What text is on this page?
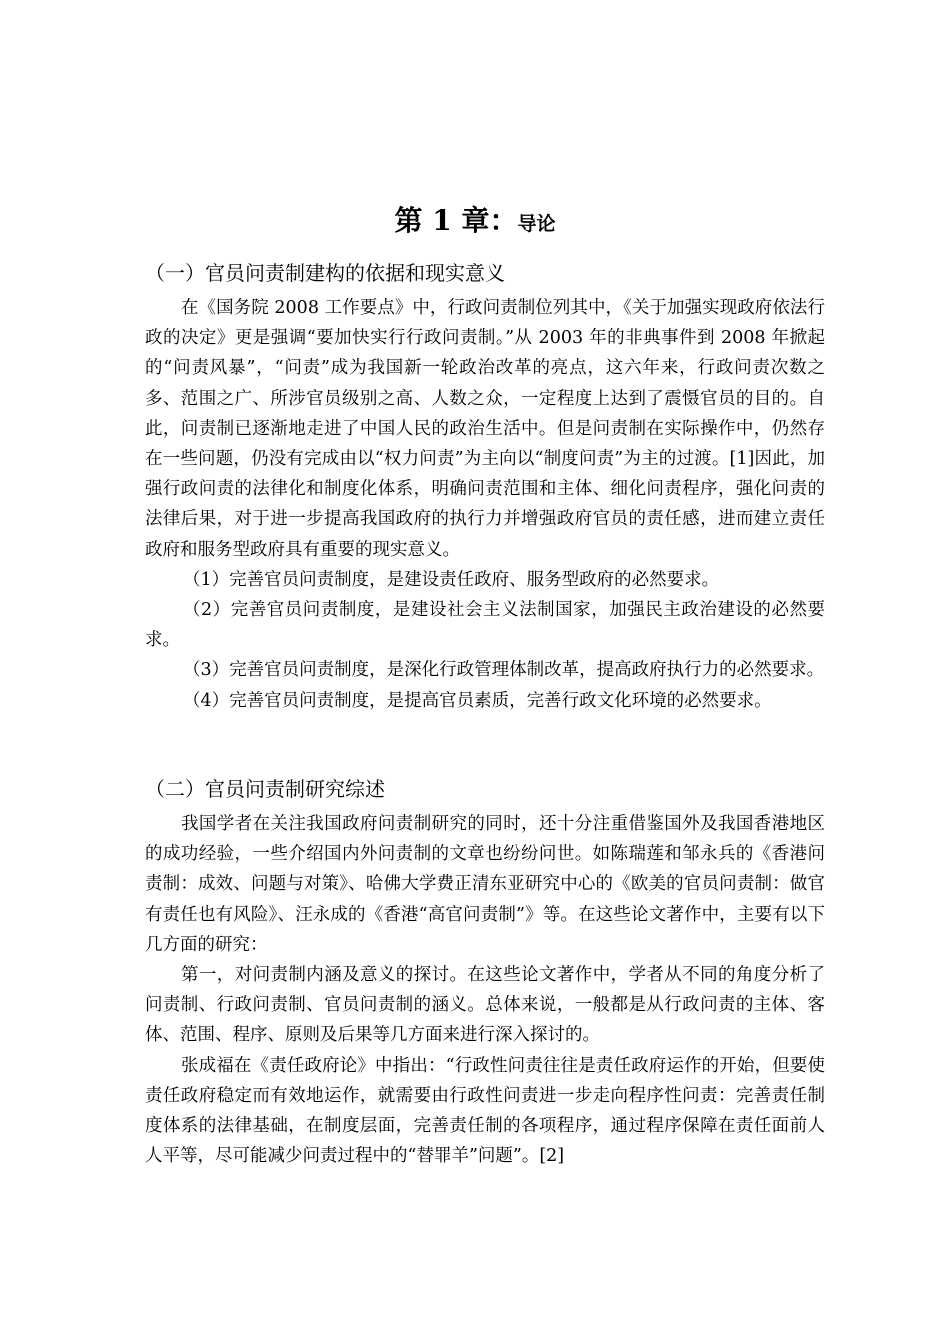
第 1 章：导论
（一）官员问责制建构的依据和现实意义

在《国务院 2008 工作要点》中，行政问责制位列其中，《关于加强实现政府依法行政的决定》更是强调“要加快实行行政问责制。”从 2003 年的非典事件到 2008 年掀起的“问责风暴”，“问责”成为我国新一轮政治改革的亮点，这六年来，行政问责次数之多、范围之广、所涉官员级别之高、人数之众，一定程度上达到了震慑官员的目的。自此，问责制已逐渐地走进了中国人民的政治生活中。但是问责制在实际操作中，仍然存在一些问题，仍没有完成由以“权力问责”为主向以“制度问责”为主的过渡。[1]因此，加强行政问责的法律化和制度化体系，明确问责范围和主体、细化问责程序，强化问责的法律后果，对于进一步提高我国政府的执行力并增强政府官员的责任感，进而建立责任政府和服务型政府具有重要的现实意义。

（1）完善官员问责制度，是建设责任政府、服务型政府的必然要求。

（2）完善官员问责制度，是建设社会主义法制国家，加强民主政治建设的必然要求。

（3）完善官员问责制度，是深化行政管理体制改革，提高政府执行力的必然要求。

（4）完善官员问责制度，是提高官员素质，完善行政文化环境的必然要求。

（二）官员问责制研究综述

我国学者在关注我国政府问责制研究的同时，还十分注重借鉴国外及我国香港地区的成功经验，一些介绍国内外问责制的文章也纷纷问世。如陈瑞莲和邹永兵的《香港问责制：成效、问题与对策》、哈佛大学费正清东亚研究中心的《欧美的官员问责制：做官有责任也有风险》、汪永成的《香港“高官问责制”》等。在这些论文著作中，主要有以下几方面的研究：

第一，对问责制内涵及意义的探讨。在这些论文著作中，学者从不同的角度分析了问责制、行政问责制、官员问责制的涵义。总体来说，一般都是从行政问责的主体、客体、范围、程序、原则及后果等几方面来进行深入探讨的。

张成福在《责任政府论》中指出：“行政性问责往往是责任政府运作的开始，但要使责任政府稳定而有效地运作，就需要由行政性问责进一步走向程序性问责：完善责任制度体系的法律基础，在制度层面，完善责任制的各项程序，通过程序保障在责任面前人人平等，尽可能减少问责过程中的“替罪羊”问题”。[2]
